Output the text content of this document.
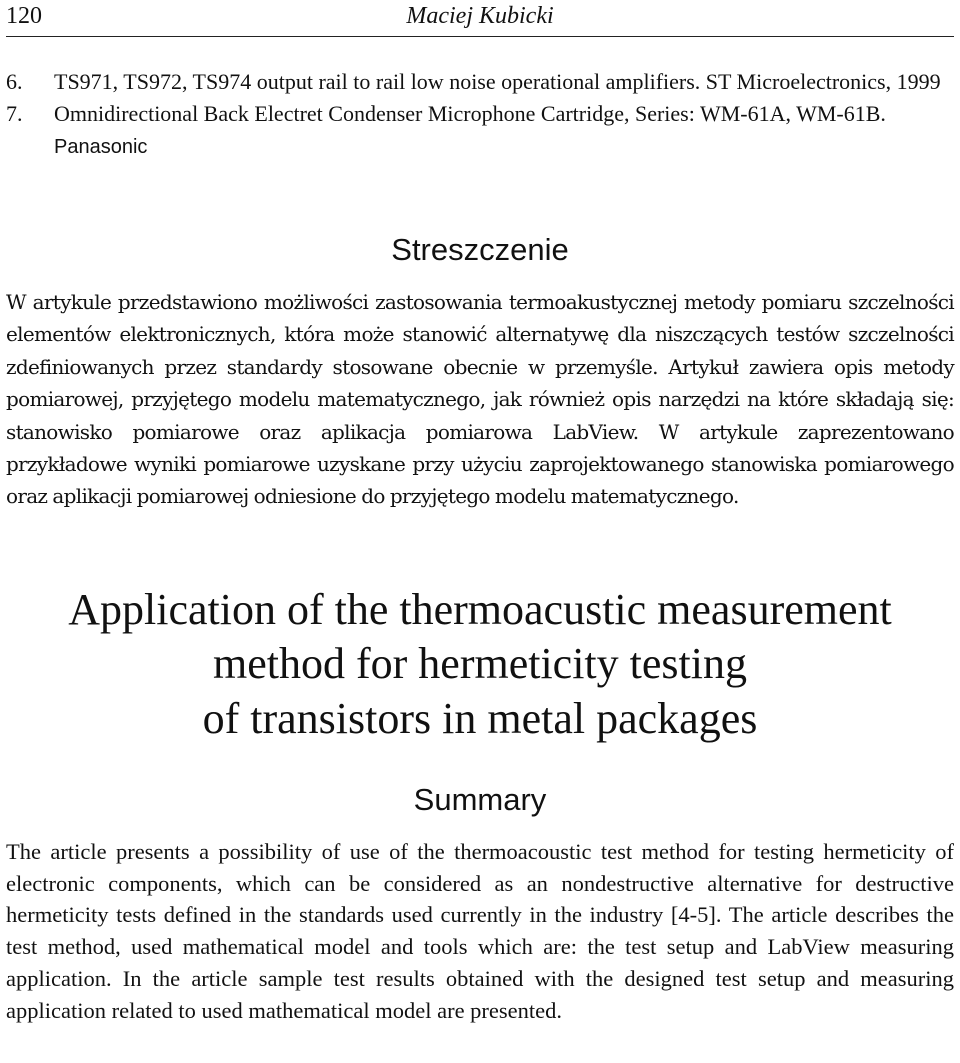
120	Maciej Kubicki
6. TS971, TS972, TS974 output rail to rail low noise operational amplifiers. ST Microelectronics, 1999
7. Omnidirectional Back Electret Condenser Microphone Cartridge, Series: WM-61A, WM-61B. Panasonic
Streszczenie

W artykule przedstawiono możliwości zastosowania termoakustycznej metody pomiaru szczelności elementów elektronicznych, która może stanowić alternatywę dla niszczących testów szczelności zdefiniowanych przez standardy stosowane obecnie w przemyśle. Artykuł zawiera opis metody pomiarowej, przyjętego modelu matematycznego, jak również opis narzędzi na które składają się: stanowisko pomiarowe oraz aplikacja pomiarowa LabView. W artykule zaprezentowano przykładowe wyniki pomiarowe uzyskane przy użyciu zaprojektowanego stanowiska pomiarowego oraz aplikacji pomiarowej odniesione do przyjętego modelu matematycznego.

Application of the thermoacustic measurement
method for hermeticity testing
of transistors in metal packages
Summary

The article presents a possibility of use of the thermoacoustic test method for testing hermeticity of electronic components, which can be considered as an nondestructive alternative for destructive hermeticity tests defined in the standards used currently in the industry [4-5]. The article describes the test method, used mathematical model and tools which are: the test setup and LabView measuring application. In the article sample test results obtained with the designed test setup and measuring application related to used mathematical model are presented.
